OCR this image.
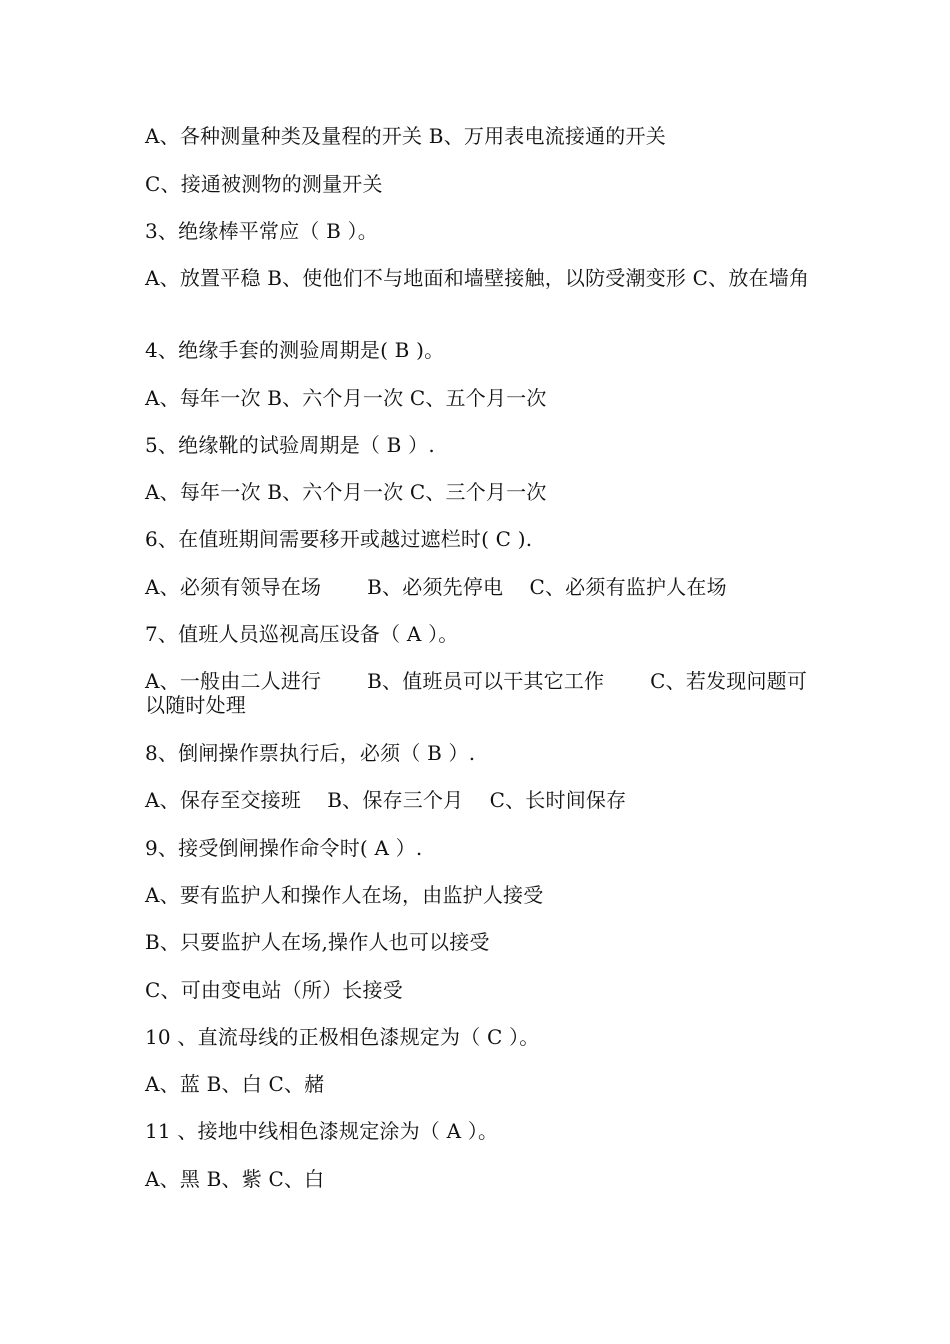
A、各种测量种类及量程的开关 B、万用表电流接通的开关
C、接通被测物的测量开关
3、绝缘棒平常应（ B ）。
A、放置平稳 B、使他们不与地面和墙壁接触，以防受潮变形 C、放在墙角
4、绝缘手套的测验周期是( B )。
A、每年一次 B、六个月一次 C、五个月一次
5、绝缘靴的试验周期是（ B ）.
A、每年一次 B、六个月一次 C、三个月一次
6、在值班期间需要移开或越过遮栏时( C ).
A、必须有领导在场       B、必须先停电    C、必须有监护人在场
7、值班人员巡视高压设备（ A ）。
A、一般由二人进行       B、值班员可以干其它工作       C、若发现问题可以随时处理
8、倒闸操作票执行后，必须（ B ）.
A、保存至交接班    B、保存三个月    C、长时间保存
9、接受倒闸操作命令时( A ）.
A、要有监护人和操作人在场，由监护人接受
B、只要监护人在场,操作人也可以接受
C、可由变电站（所）长接受
10 、直流母线的正极相色漆规定为（ C ）。
A、蓝 B、白 C、赭
11 、接地中线相色漆规定涂为（ A ）。
A、黑 B、紫 C、白
